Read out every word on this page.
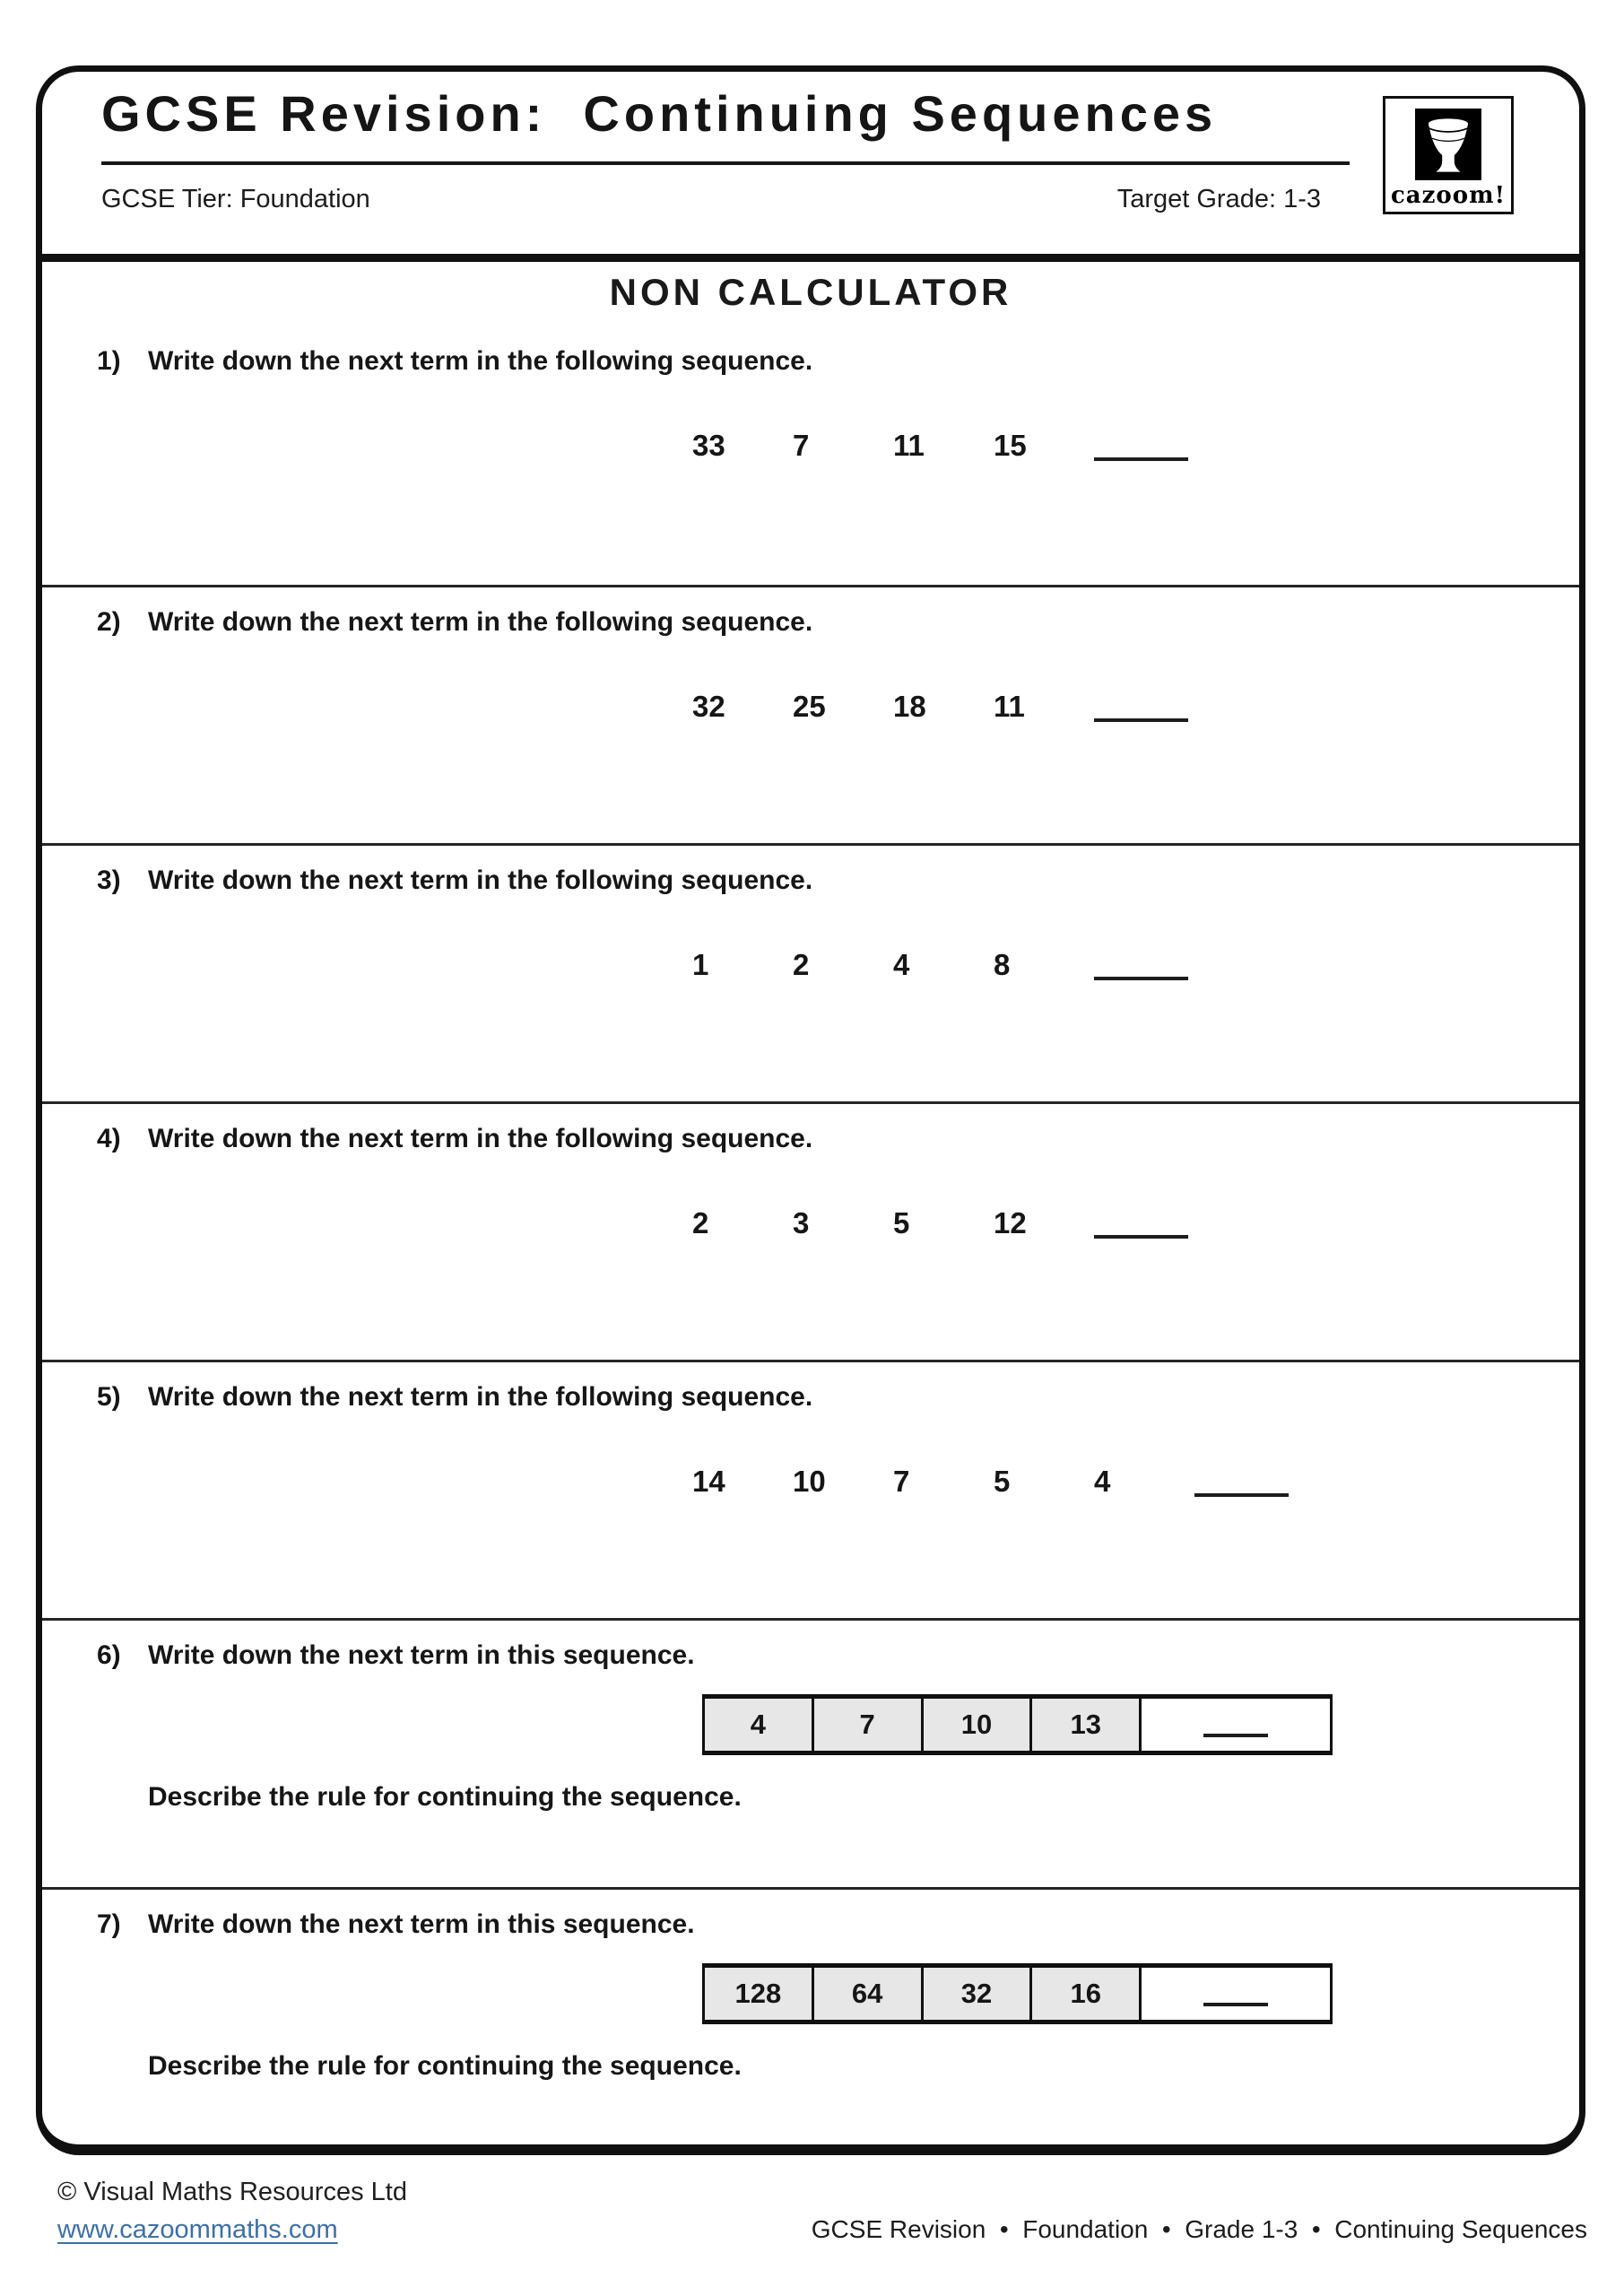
GCSE Revision:  Continuing Sequences
GCSE Tier: Foundation	Target Grade: 1-3	cazoom!
NON CALCULATOR
1)	Write down the next term in the following sequence.
33	7	11	15
2)	Write down the next term in the following sequence.
32	25	18	11
3)	Write down the next term in the following sequence.
1	2	4	8
4)	Write down the next term in the following sequence.
2	3	5	12
5)	Write down the next term in the following sequence.
14	10	7	5	4
6)	Write down the next term in this sequence.
4	7	10	13
Describe the rule for continuing the sequence.
7)	Write down the next term in this sequence.
128	64	32	16
Describe the rule for continuing the sequence.
© Visual Maths Resources Ltd
www.cazoommaths.com	GCSE Revision  •  Foundation  •  Grade 1-3  •  Continuing Sequences
